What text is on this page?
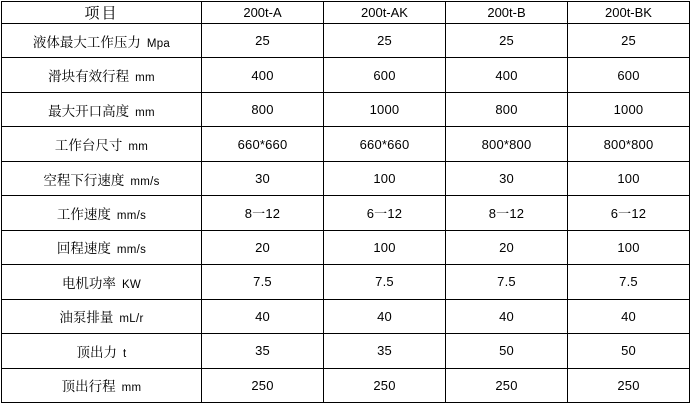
项目	200t-A	200t-AK	200t-B	200t-BK
液体最大工作压力 Mpa	25	25	25	25
滑块有效行程 mm	400	600	400	600
最大开口高度 mm	800	1000	800	1000
工作台尺寸 mm	660*660	660*660	800*800	800*800
空程下行速度 mm/s	30	100	30	100
工作速度 mm/s	8一12	6一12	8一12	6一12
回程速度 mm/s	20	100	20	100
电机功率 KW	7.5	7.5	7.5	7.5
油泵排量 mL/r	40	40	40	40
顶出力 t	35	35	50	50
顶出行程 mm	250	250	250	250
